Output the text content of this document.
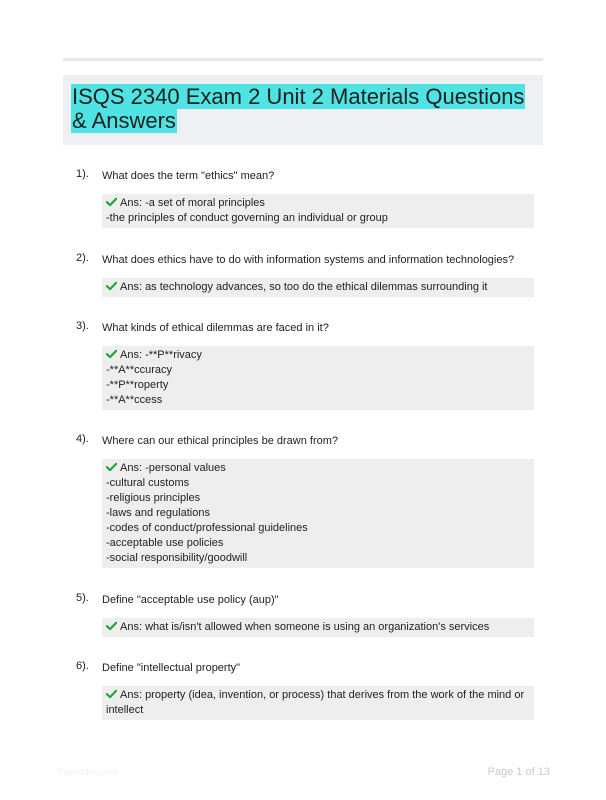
ISQS 2340 Exam 2 Unit 2 Materials Questions & Answers
1). What does the term "ethics" mean?
Ans: -a set of moral principles
-the principles of conduct governing an individual or group
2). What does ethics have to do with information systems and information technologies?
Ans: as technology advances, so too do the ethical dilemmas surrounding it
3). What kinds of ethical dilemmas are faced in it?
Ans: -**P**rivacy
-**A**ccuracy
-**P**roperty
-**A**ccess
4). Where can our ethical principles be drawn from?
Ans: -personal values
-cultural customs
-religious principles
-laws and regulations
-codes of conduct/professional guidelines
-acceptable use policies
-social responsibility/goodwill
5). Define "acceptable use policy (aup)"
Ans: what is/isn't allowed when someone is using an organization's services
6). Define "intellectual property"
Ans: property (idea, invention, or process) that derives from the work of the mind or
intellect
Papertdoc.com	Page 1 of 13
